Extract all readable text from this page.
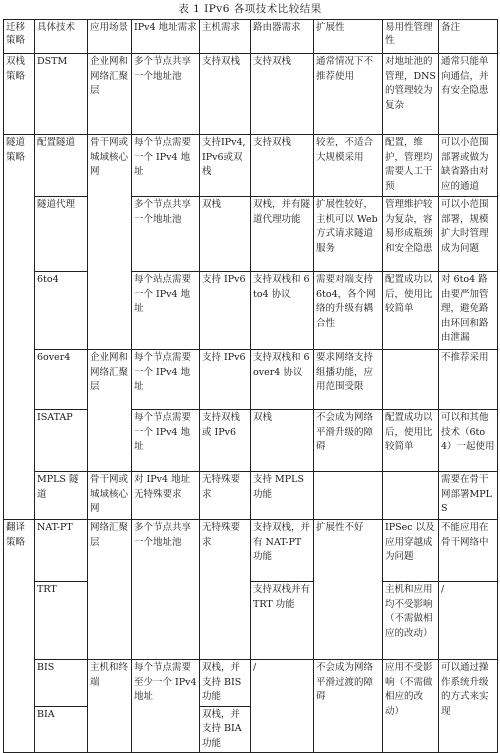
表 1 IPv6 各项技术比较结果
迁移策略	具体技术	应用场景	IPv4 地址需求	主机需求	路由器需求	扩展性	易用性管理性	备注
双栈策略	DSTM	企业网和网络汇聚层	多个节点共享一个地址池	支持双栈	支持双栈	通常情况下不推荐使用	对地址池的管理，DNS的管理较为复杂	通常只能单向通信，并有安全隐患
隧道策略	配置隧道	骨干网或城域核心网	每个节点需要一个 IPv4 地址	支持IPv4,IPv6或双栈	支持双栈	较差，不适合大规模采用	配置，维护，管理均需要人工干预	可以小范围部署或做为缺省路由对应的通道
	隧道代理		多个节点共享一个地址池	双栈	双栈，并有隧道代理功能	扩展性较好，主机可以 Web 方式请求隧道服务	管理维护较为复杂，容易形成瓶颈和安全隐患	可以小范围部署，规模扩大时管理成为问题
	6to4		每个站点需要一个 IPv4 地址	支持 IPv6	支持双栈和 6to4 协议	需要对端支持 6to4，各个网络的升级有耦合性	配置成功以后，使用比较简单	对 6to4 路由要严加管理，避免路由环回和路由泄漏
	6over4	企业网和网络汇聚层	每个节点需要一个 IPv4 地址	支持 IPv6	支持双栈和 6over4 协议	要求网络支持组播功能，应用范围受限		不推荐采用
	ISATAP		每个节点需要一个 IPv4 地址	支持双栈或 IPv6	双栈	不会成为网络平滑升级的障碍	配置成功以后，使用比较简单	可以和其他技术（6to4）一起使用
	MPLS 隧道	骨干网或城域核心网	对 IPv4 地址无特殊要求	无特殊要求	支持 MPLS 功能			需要在骨干网部署MPLS
翻译策略	NAT-PT	网络汇聚层	多个节点共享一个地址池	无特殊要求	支持双栈，并有 NAT-PT 功能	扩展性不好	IPSec 以及应用穿越成为问题	不能应用在骨干网络中
	TRT				支持双栈并有 TRT 功能		主机和应用均不受影响（不需做相应的改动）	/
	BIS	主机和终端	每个节点需要至少一个 IPv4 地址	双栈，并支持 BIS 功能	/	不会成为网络平滑过渡的障碍	应用不受影响（不需做相应的改动）	可以通过操作系统升级的方式来实现
	BIA			双栈，并支持 BIA 功能				
